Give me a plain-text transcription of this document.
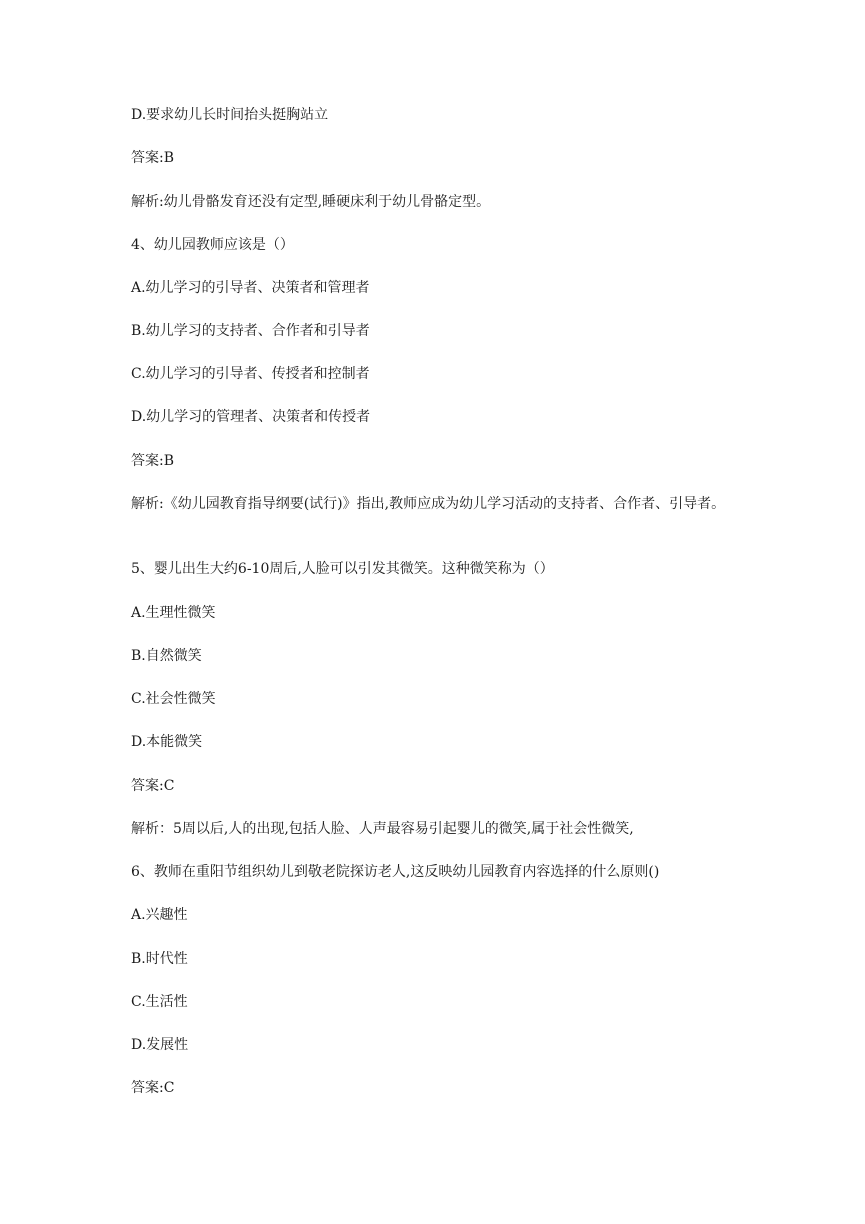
D.要求幼儿长时间抬头挺胸站立

答案:B

解析:幼儿骨骼发育还没有定型,睡硬床利于幼儿骨骼定型。

4、幼儿园教师应该是（）

A.幼儿学习的引导者、决策者和管理者

B.幼儿学习的支持者、合作者和引导者

C.幼儿学习的引导者、传授者和控制者

D.幼儿学习的管理者、决策者和传授者

答案:B

解析:《幼儿园教育指导纲要(试行)》指出,教师应成为幼儿学习活动的支持者、合作者、引导者。

5、婴儿出生大约6-10周后,人脸可以引发其微笑。这种微笑称为（）

A.生理性微笑

B.自然微笑

C.社会性微笑

D.本能微笑

答案:C

解析：5周以后,人的出现,包括人脸、人声最容易引起婴儿的微笑,属于社会性微笑,

6、教师在重阳节组织幼儿到敬老院探访老人,这反映幼儿园教育内容选择的什么原则()

A.兴趣性

B.时代性

C.生活性

D.发展性

答案:C
